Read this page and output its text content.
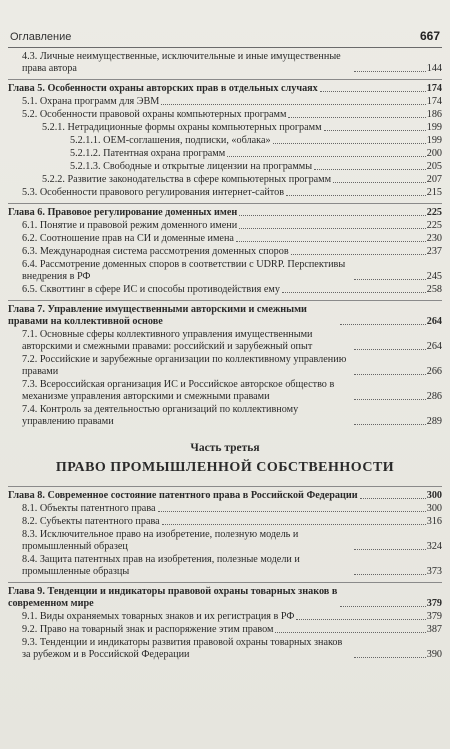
Оглавление	667
4.3. Личные неимущественные, исключительные и иные имущественные права автора	144
Глава 5. Особенности охраны авторских прав в отдельных случаях	174
5.1. Охрана программ для ЭВМ	174
5.2. Особенности правовой охраны компьютерных программ	186
5.2.1. Нетрадиционные формы охраны компьютерных программ	199
5.2.1.1. ОЕМ-соглашения, подписки, «облака»	199
5.2.1.2. Патентная охрана программ	200
5.2.1.3. Свободные и открытые лицензии на программы	205
5.2.2. Развитие законодательства в сфере компьютерных программ	207
5.3. Особенности правового регулирования интернет-сайтов	215
Глава 6. Правовое регулирование доменных имен	225
6.1. Понятие и правовой режим доменного имени	225
6.2. Соотношение прав на СИ и доменные имена	230
6.3. Международная система рассмотрения доменных споров	237
6.4. Рассмотрение доменных споров в соответствии с UDRP. Перспективы внедрения в РФ	245
6.5. Сквоттинг в сфере ИС и способы противодействия ему	258
Глава 7. Управление имущественными авторскими и смежными правами на коллективной основе	264
7.1. Основные сферы коллективного управления имущественными авторскими и смежными правами: российский и зарубежный опыт	264
7.2. Российские и зарубежные организации по коллективному управлению правами	266
7.3. Всероссийская организация ИС и Российское авторское общество в механизме управления авторскими и смежными правами	286
7.4. Контроль за деятельностью организаций по коллективному управлению правами	289
Часть третья
ПРАВО ПРОМЫШЛЕННОЙ СОБСТВЕННОСТИ
Глава 8. Современное состояние патентного права в Российской Федерации	300
8.1. Объекты патентного права	300
8.2. Субъекты патентного права	316
8.3. Исключительное право на изобретение, полезную модель и промышленный образец	324
8.4. Защита патентных прав на изобретения, полезные модели и промышленные образцы	373
Глава 9. Тенденции и индикаторы правовой охраны товарных знаков в современном мире	379
9.1. Виды охраняемых товарных знаков и их регистрация в РФ	379
9.2. Право на товарный знак и распоряжение этим правом	387
9.3. Тенденции и индикаторы развития правовой охраны товарных знаков за рубежом и в Российской Федерации	390
